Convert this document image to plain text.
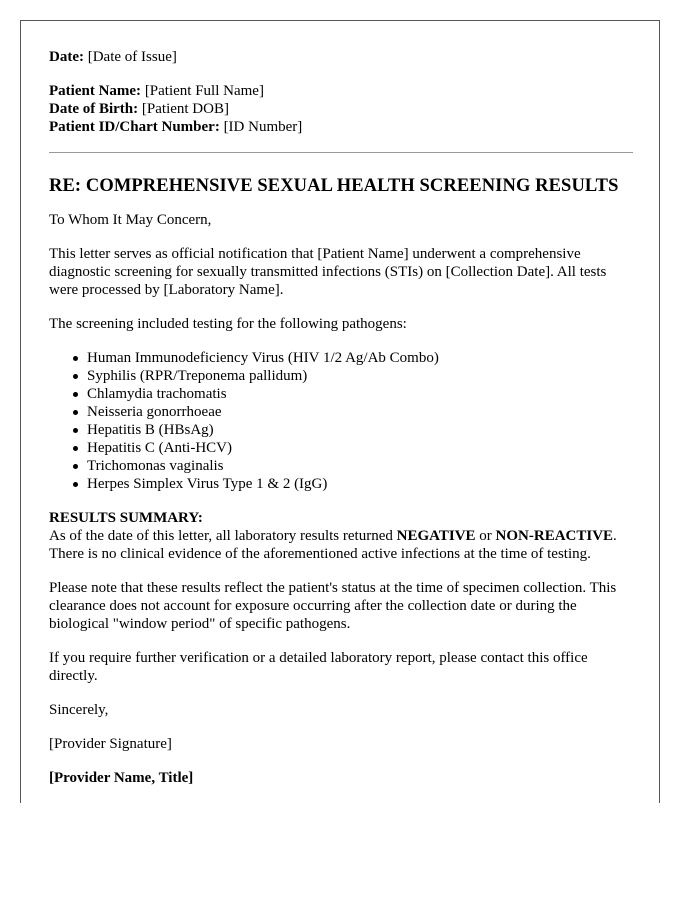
Date: [Date of Issue]

Patient Name: [Patient Full Name]

Date of Birth: [Patient DOB]

Patient ID/Chart Number: [ID Number]

RE: COMPREHENSIVE SEXUAL HEALTH SCREENING RESULTS

To Whom It May Concern,

This letter serves as official notification that [Patient Name] underwent a comprehensive diagnostic screening for sexually transmitted infections (STIs) on [Collection Date]. All tests were processed by [Laboratory Name].

The screening included testing for the following pathogens:

Human Immunodeficiency Virus (HIV 1/2 Ag/Ab Combo)
Syphilis (RPR/Treponema pallidum)
Chlamydia trachomatis
Neisseria gonorrhoeae
Hepatitis B (HBsAg)
Hepatitis C (Anti-HCV)
Trichomonas vaginalis
Herpes Simplex Virus Type 1 & 2 (IgG)

RESULTS SUMMARY:

As of the date of this letter, all laboratory results returned NEGATIVE or NON-REACTIVE. There is no clinical evidence of the aforementioned active infections at the time of testing.

Please note that these results reflect the patient's status at the time of specimen collection. This clearance does not account for exposure occurring after the collection date or during the biological "window period" of specific pathogens.

If you require further verification or a detailed laboratory report, please contact this office directly.

Sincerely,

[Provider Signature]

[Provider Name, Title]
